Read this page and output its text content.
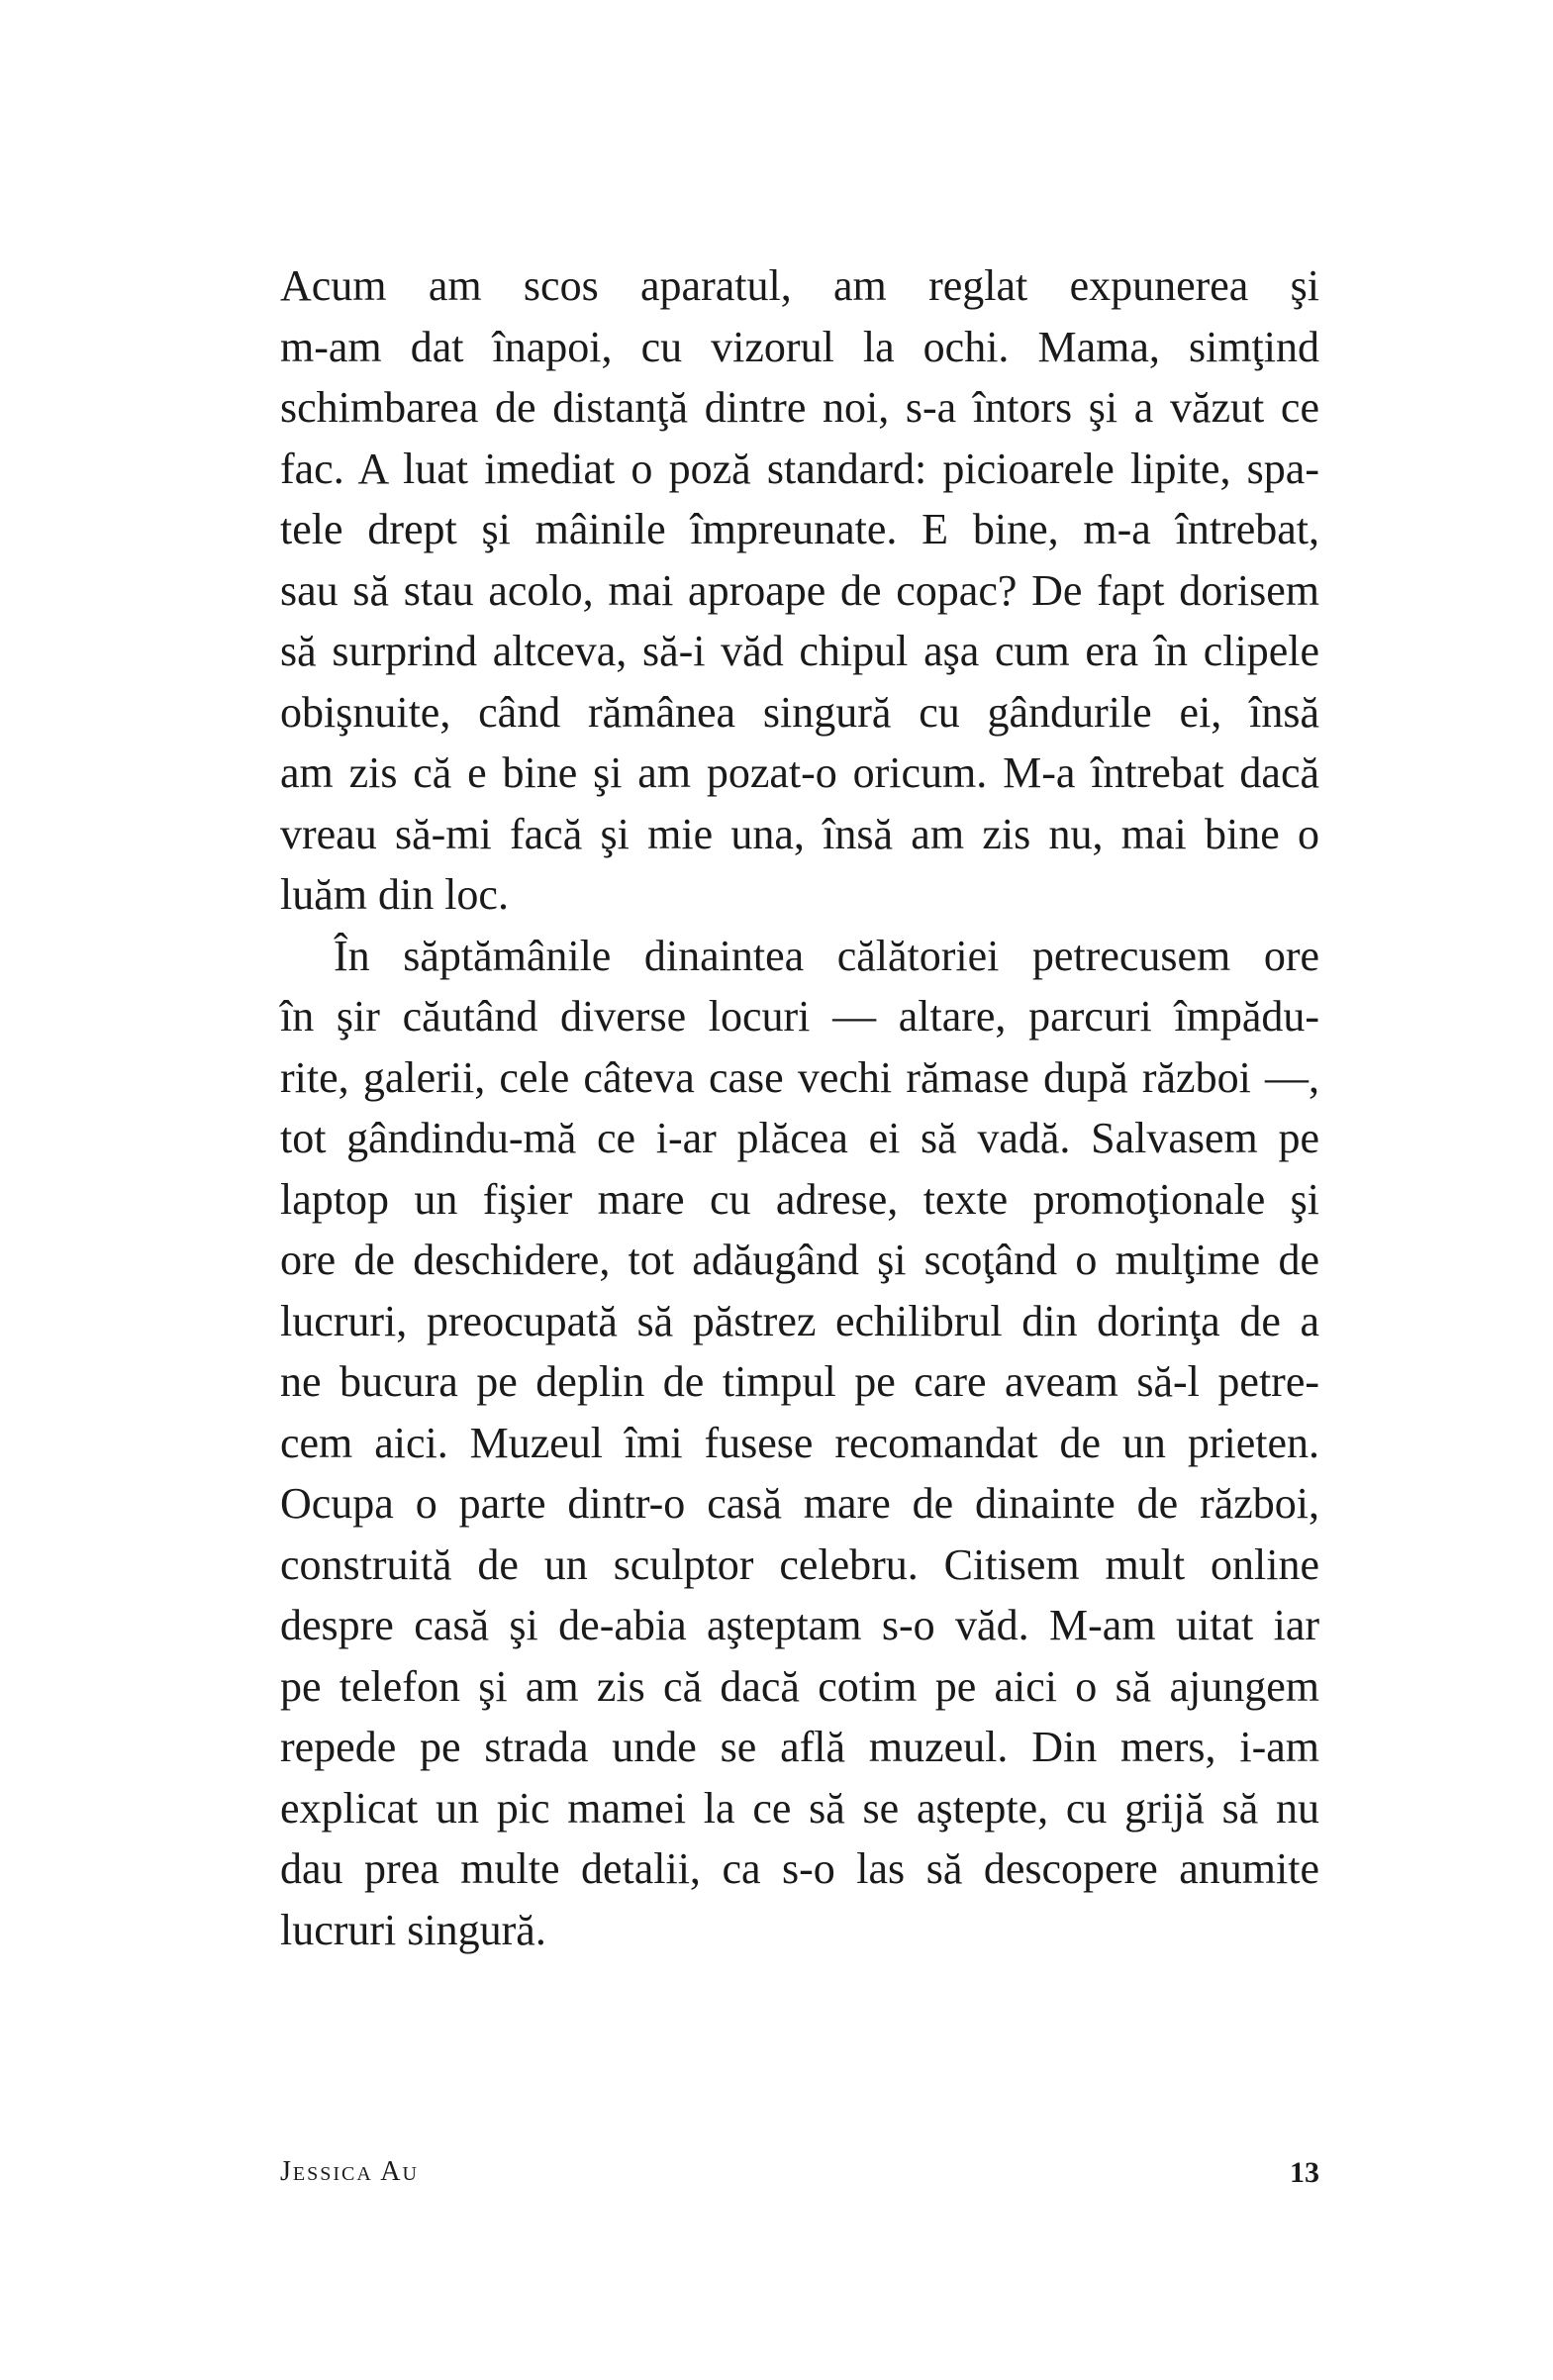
Acum am scos aparatul, am reglat expunerea şi
m-am dat înapoi, cu vizorul la ochi. Mama, simţind
schimbarea de distanţă dintre noi, s-a întors şi a văzut ce
fac. A luat imediat o poză standard: picioarele lipite, spa-
tele drept şi mâinile împreunate. E bine, m-a întrebat,
sau să stau acolo, mai aproape de copac? De fapt dorisem
să surprind altceva, să-i văd chipul aşa cum era în clipele
obişnuite, când rămânea singură cu gândurile ei, însă
am zis că e bine şi am pozat-o oricum. M-a întrebat dacă
vreau să-mi facă şi mie una, însă am zis nu, mai bine o
luăm din loc.
În săptămânile dinaintea călătoriei petrecusem ore
în şir căutând diverse locuri — altare, parcuri împădu-
rite, galerii, cele câteva case vechi rămase după război —,
tot gândindu-mă ce i-ar plăcea ei să vadă. Salvasem pe
laptop un fişier mare cu adrese, texte promoţionale şi
ore de deschidere, tot adăugând şi scoţând o mulţime de
lucruri, preocupată să păstrez echilibrul din dorinţa de a
ne bucura pe deplin de timpul pe care aveam să-l petre-
cem aici. Muzeul îmi fusese recomandat de un prieten.
Ocupa o parte dintr-o casă mare de dinainte de război,
construită de un sculptor celebru. Citisem mult online
despre casă şi de-abia aşteptam s-o văd. M-am uitat iar
pe telefon şi am zis că dacă cotim pe aici o să ajungem
repede pe strada unde se află muzeul. Din mers, i-am
explicat un pic mamei la ce să se aştepte, cu grijă să nu
dau prea multe detalii, ca s-o las să descopere anumite
lucruri singură.
Jessica Au	13
